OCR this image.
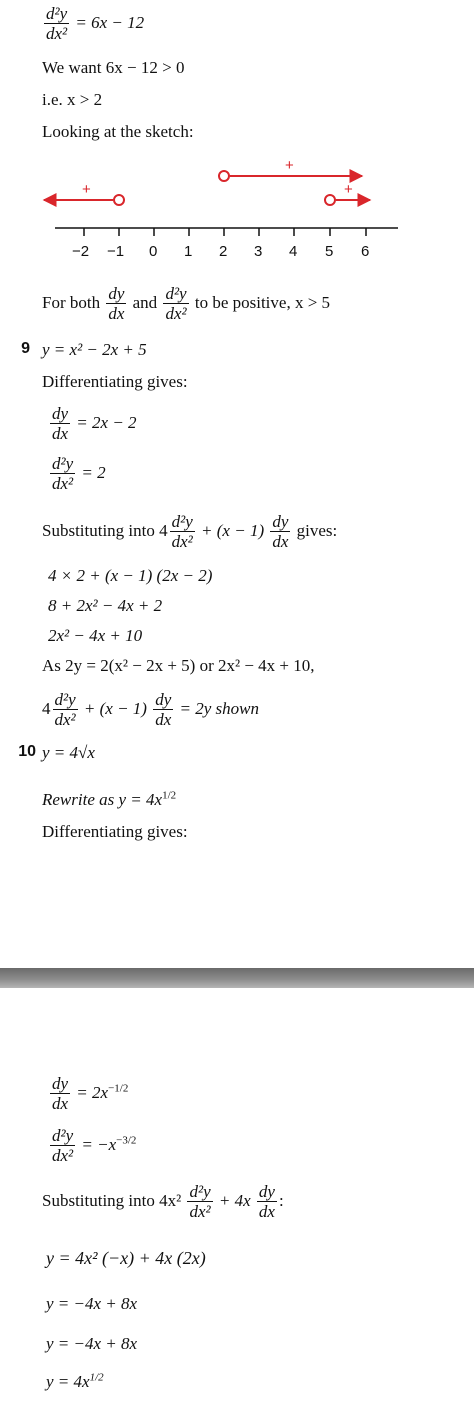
$\frac{\text{d²y}}{\text{dx²}} = 6x - 12$
We want 6x − 12 > 0
i.e. x > 2
Looking at the sketch:
+
+
+
−2 −1 0 1 2 3 4 5 6
For both $\frac{dy}{dx}$ and $\frac{\text{d²y}}{\text{dx²}}$ to be positive, x > 5
9 y = x² − 2x + 5
Differentiating gives:
$\frac{dy}{dx} = 2x - 2$
$\frac{\text{d²y}}{\text{dx²}} = 2$
Substituting into $4 \frac{\text{d²y}}{\text{dx²}} + (x - 1) \frac{dy}{dx}$ gives:
4 × 2 + (x − 1) (2x − 2)
8 + 2x² − 4x + 2
2x² − 4x + 10
As 2y = 2(x² − 2x + 5) or 2x² − 4x + 10,
$4 \frac{\text{d²y}}{\text{dx²}} + (x - 1) \frac{dy}{dx} = 2y$ shown
10 y = 4√x
Rewrite as $y = 4x^{1/2}$
Differentiating gives:
$\frac{dy}{dx} = 2x^{-1/2}$
$\frac{\text{d²y}}{\text{dx²}} = -x^{-3/2}$
Substituting into $4x^2 \frac{\text{d²y}}{\text{dx²}} + 4x \frac{dy}{dx}$ :
y = 4x² (−x) + 4x (2x)
y = −4x + 8x
y = −4x + 8x
$y = 4x^{1/2}$
